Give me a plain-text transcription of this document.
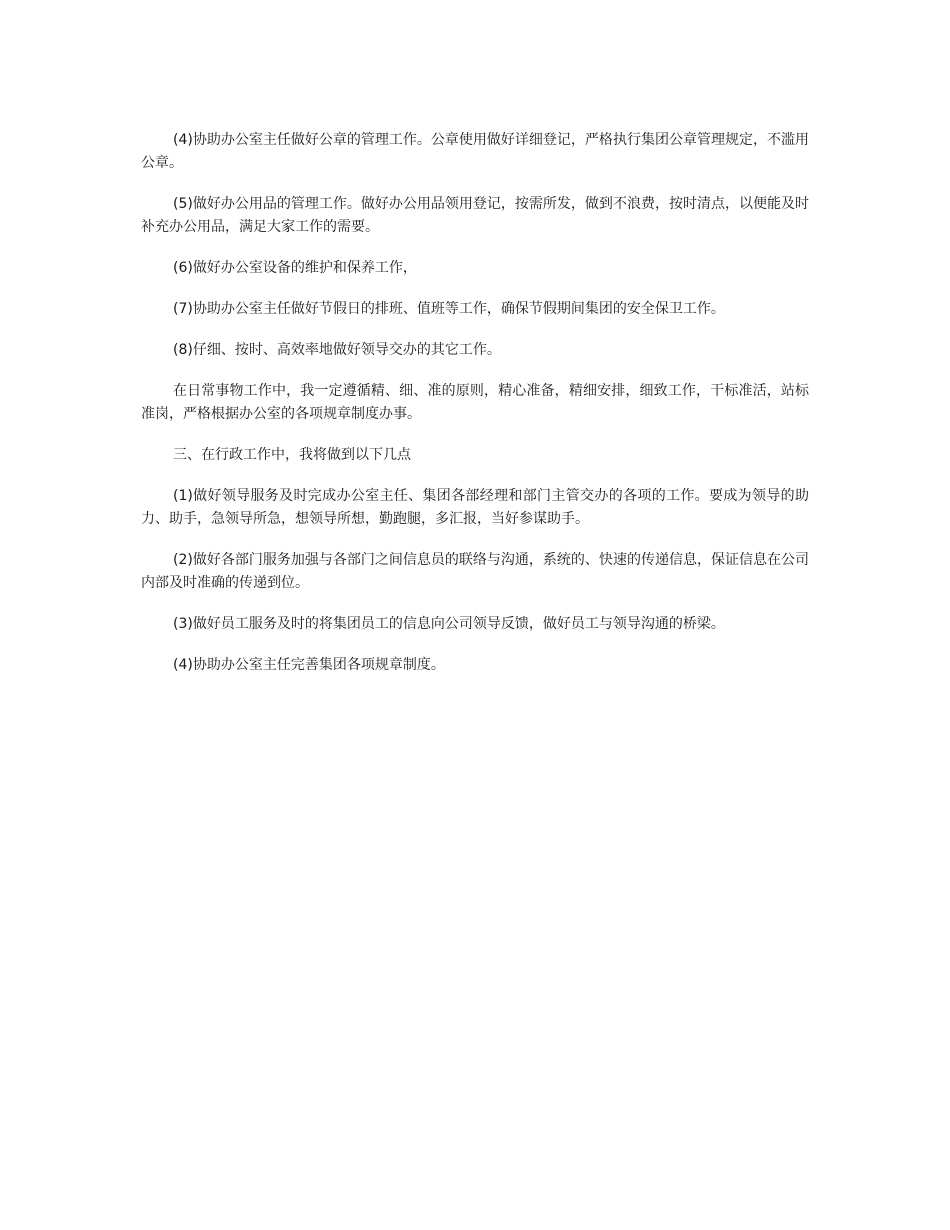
(4)协助办公室主任做好公章的管理工作。公章使用做好详细登记，严格执行集团公章管理规定，不滥用公章。

(5)做好办公用品的管理工作。做好办公用品领用登记，按需所发，做到不浪费，按时清点，以便能及时补充办公用品，满足大家工作的需要。

(6)做好办公室设备的维护和保养工作，

(7)协助办公室主任做好节假日的排班、值班等工作，确保节假期间集团的安全保卫工作。

(8)仔细、按时、高效率地做好领导交办的其它工作。

在日常事物工作中，我一定遵循精、细、准的原则，精心准备，精细安排，细致工作，干标准活，站标准岗，严格根据办公室的各项规章制度办事。

三、在行政工作中，我将做到以下几点

(1)做好领导服务及时完成办公室主任、集团各部经理和部门主管交办的各项的工作。要成为领导的助力、助手，急领导所急，想领导所想，勤跑腿，多汇报，当好参谋助手。

(2)做好各部门服务加强与各部门之间信息员的联络与沟通，系统的、快速的传递信息，保证信息在公司内部及时准确的传递到位。

(3)做好员工服务及时的将集团员工的信息向公司领导反馈，做好员工与领导沟通的桥梁。

(4)协助办公室主任完善集团各项规章制度。
